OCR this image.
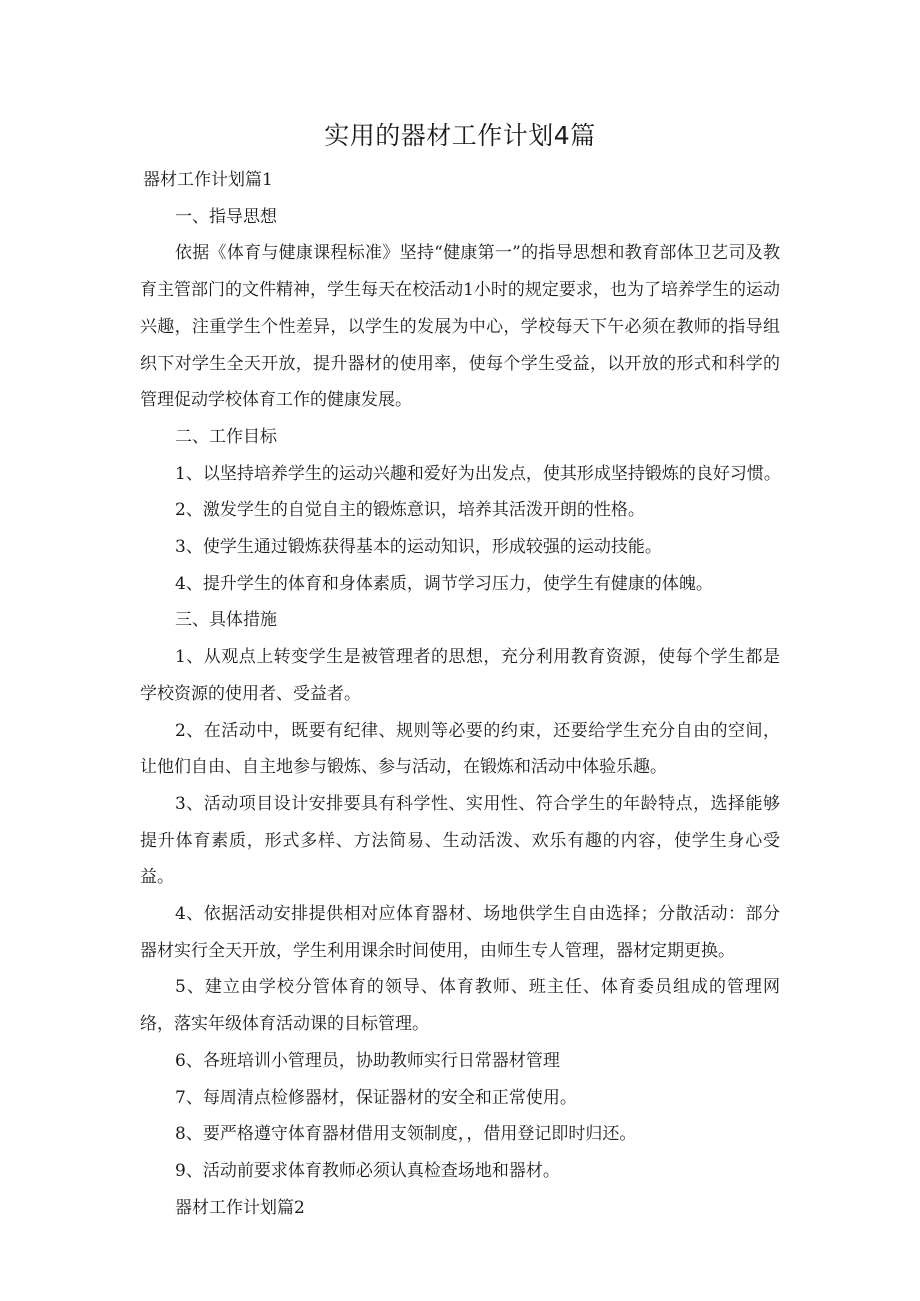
实用的器材工作计划4篇

器材工作计划篇1

一、指导思想

依据《体育与健康课程标准》坚持“健康第一”的指导思想和教育部体卫艺司及教育主管部门的文件精神，学生每天在校活动1小时的规定要求，也为了培养学生的运动兴趣，注重学生个性差异，以学生的发展为中心，学校每天下午必须在教师的指导组织下对学生全天开放，提升器材的使用率，使每个学生受益，以开放的形式和科学的管理促动学校体育工作的健康发展。

二、工作目标

1、以坚持培养学生的运动兴趣和爱好为出发点，使其形成坚持锻炼的良好习惯。

2、激发学生的自觉自主的锻炼意识，培养其活泼开朗的性格。

3、使学生通过锻炼获得基本的运动知识，形成较强的运动技能。

4、提升学生的体育和身体素质，调节学习压力，使学生有健康的体魄。

三、具体措施

1、从观点上转变学生是被管理者的思想，充分利用教育资源，使每个学生都是学校资源的使用者、受益者。

2、在活动中，既要有纪律、规则等必要的约束，还要给学生充分自由的空间，让他们自由、自主地参与锻炼、参与活动，在锻炼和活动中体验乐趣。

3、活动项目设计安排要具有科学性、实用性、符合学生的年龄特点，选择能够提升体育素质，形式多样、方法简易、生动活泼、欢乐有趣的内容，使学生身心受益。

4、依据活动安排提供相对应体育器材、场地供学生自由选择；分散活动：部分器材实行全天开放，学生利用课余时间使用，由师生专人管理，器材定期更换。

5、建立由学校分管体育的领导、体育教师、班主任、体育委员组成的管理网络，落实年级体育活动课的目标管理。

6、各班培训小管理员，协助教师实行日常器材管理

7、每周清点检修器材，保证器材的安全和正常使用。

8、要严格遵守体育器材借用支领制度，，借用登记即时归还。

9、活动前要求体育教师必须认真检查场地和器材。

器材工作计划篇2
